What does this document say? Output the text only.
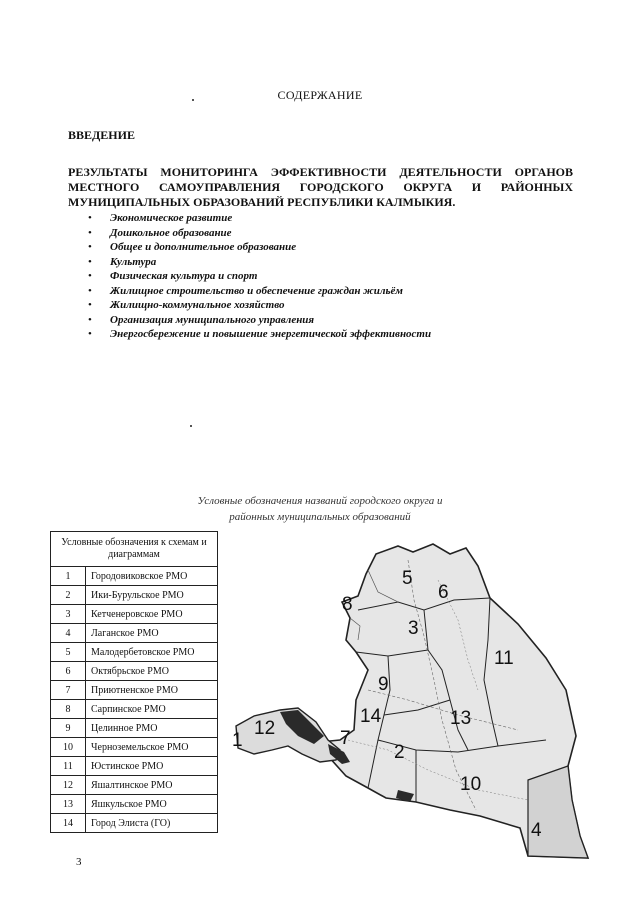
СОДЕРЖАНИЕ
ВВЕДЕНИЕ
РЕЗУЛЬТАТЫ МОНИТОРИНГА ЭФФЕКТИВНОСТИ ДЕЯТЕЛЬНОСТИ ОРГАНОВ
МЕСТНОГО САМОУПРАВЛЕНИЯ ГОРОДСКОГО ОКРУГА И РАЙОННЫХ
МУНИЦИПАЛЬНЫХ ОБРАЗОВАНИЙ РЕСПУБЛИКИ КАЛМЫКИЯ.
• Экономическое развитие
• Дошкольное образование
• Общее и дополнительное образование
• Культура
• Физическая культура и спорт
• Жилищное строительство и обеспечение граждан жильём
• Жилищно-коммунальное хозяйство
• Организация муниципального управления
• Энергосбережение и повышение энергетической эффективности
Условные обозначения названий городского округа и
районных муниципальных образований
Условные обозначения к схемам и диаграммам	
1	Городовиковское РМО
2	Ики-Бурульское РМО
3	Кетченеровское РМО
4	Лаганское РМО
5	Малодербетовское РМО
6	Октябрьское РМО
7	Приютненское РМО
8	Сарпинское РМО
9	Целинное РМО
10	Черноземельское РМО
11	Юстинское РМО
12	Яшалтинское РМО
13	Яшкульское РМО
14	Город Элиста (ГО)
1
12	7
14
2
9
3
8
5
6
13
10
11
4
3
